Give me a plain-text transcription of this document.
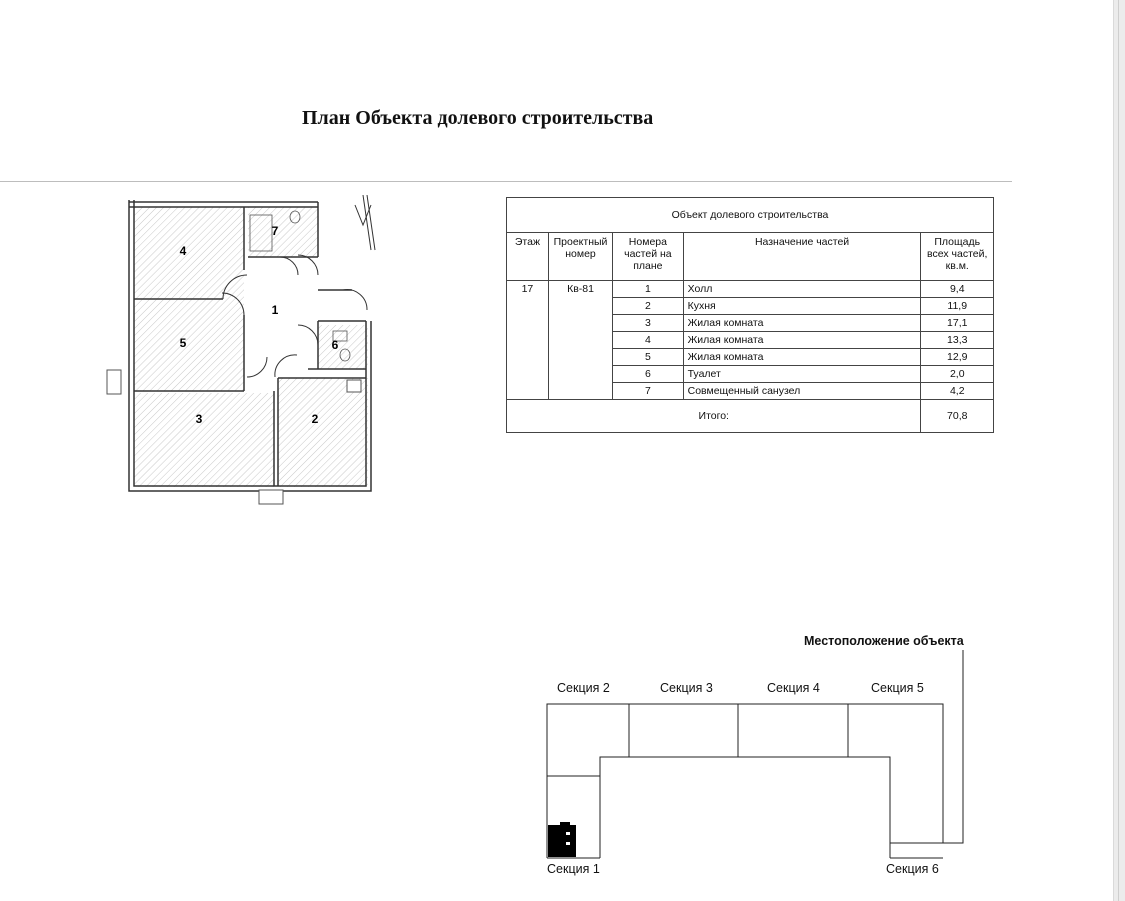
План Объекта долевого строительства
4
5
3	2
1
6
7
Объект долевого строительства				
Этаж	Проектный номер	Номера частей на плане	Назначение частей	Площадь всех частей, кв.м.
17	Кв-81	1	Холл	9,4
		2	Кухня	11,9
		3	Жилая комната	17,1
		4	Жилая комната	13,3
		5	Жилая комната	12,9
		6	Туалет	2,0
		7	Совмещенный санузел	4,2
Итого:				70,8
Местоположение объекта
Секция 2	Секция 3	Секция 4	Секция 5
Секция 1	Секция 6
